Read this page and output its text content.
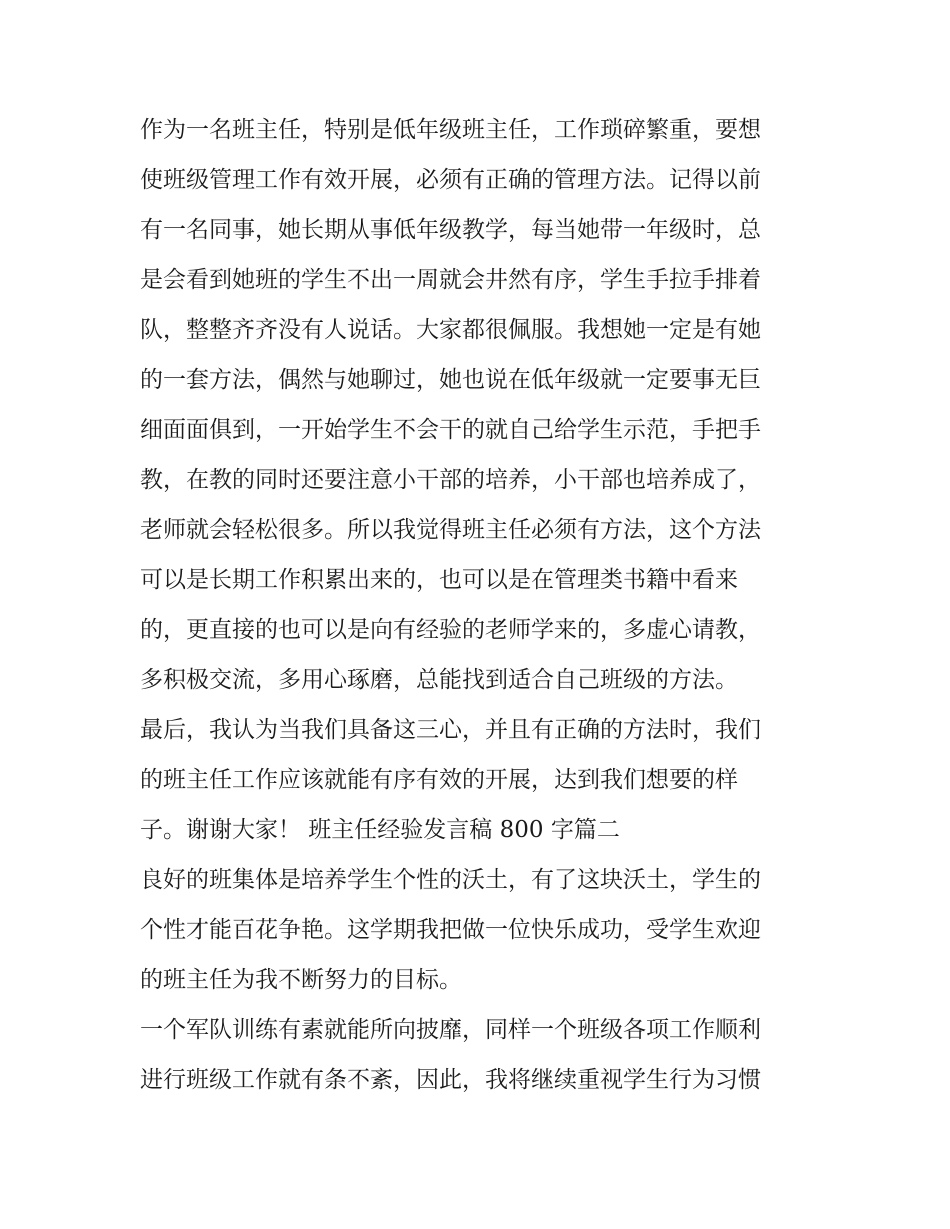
作为一名班主任，特别是低年级班主任，工作琐碎繁重，要想

使班级管理工作有效开展，必须有正确的管理方法。记得以前

有一名同事，她长期从事低年级教学，每当她带一年级时，总

是会看到她班的学生不出一周就会井然有序，学生手拉手排着

队，整整齐齐没有人说话。大家都很佩服。我想她一定是有她

的一套方法，偶然与她聊过，她也说在低年级就一定要事无巨

细面面俱到，一开始学生不会干的就自己给学生示范，手把手

教，在教的同时还要注意小干部的培养，小干部也培养成了，

老师就会轻松很多。所以我觉得班主任必须有方法，这个方法

可以是长期工作积累出来的，也可以是在管理类书籍中看来

的，更直接的也可以是向有经验的老师学来的，多虚心请教，

多积极交流，多用心琢磨，总能找到适合自己班级的方法。

最后，我认为当我们具备这三心，并且有正确的方法时，我们

的班主任工作应该就能有序有效的开展，达到我们想要的样

子。谢谢大家！ 班主任经验发言稿 800 字篇二

良好的班集体是培养学生个性的沃土，有了这块沃土，学生的

个性才能百花争艳。这学期我把做一位快乐成功，受学生欢迎

的班主任为我不断努力的目标。

一个军队训练有素就能所向披靡，同样一个班级各项工作顺利

进行班级工作就有条不紊，因此，我将继续重视学生行为习惯
